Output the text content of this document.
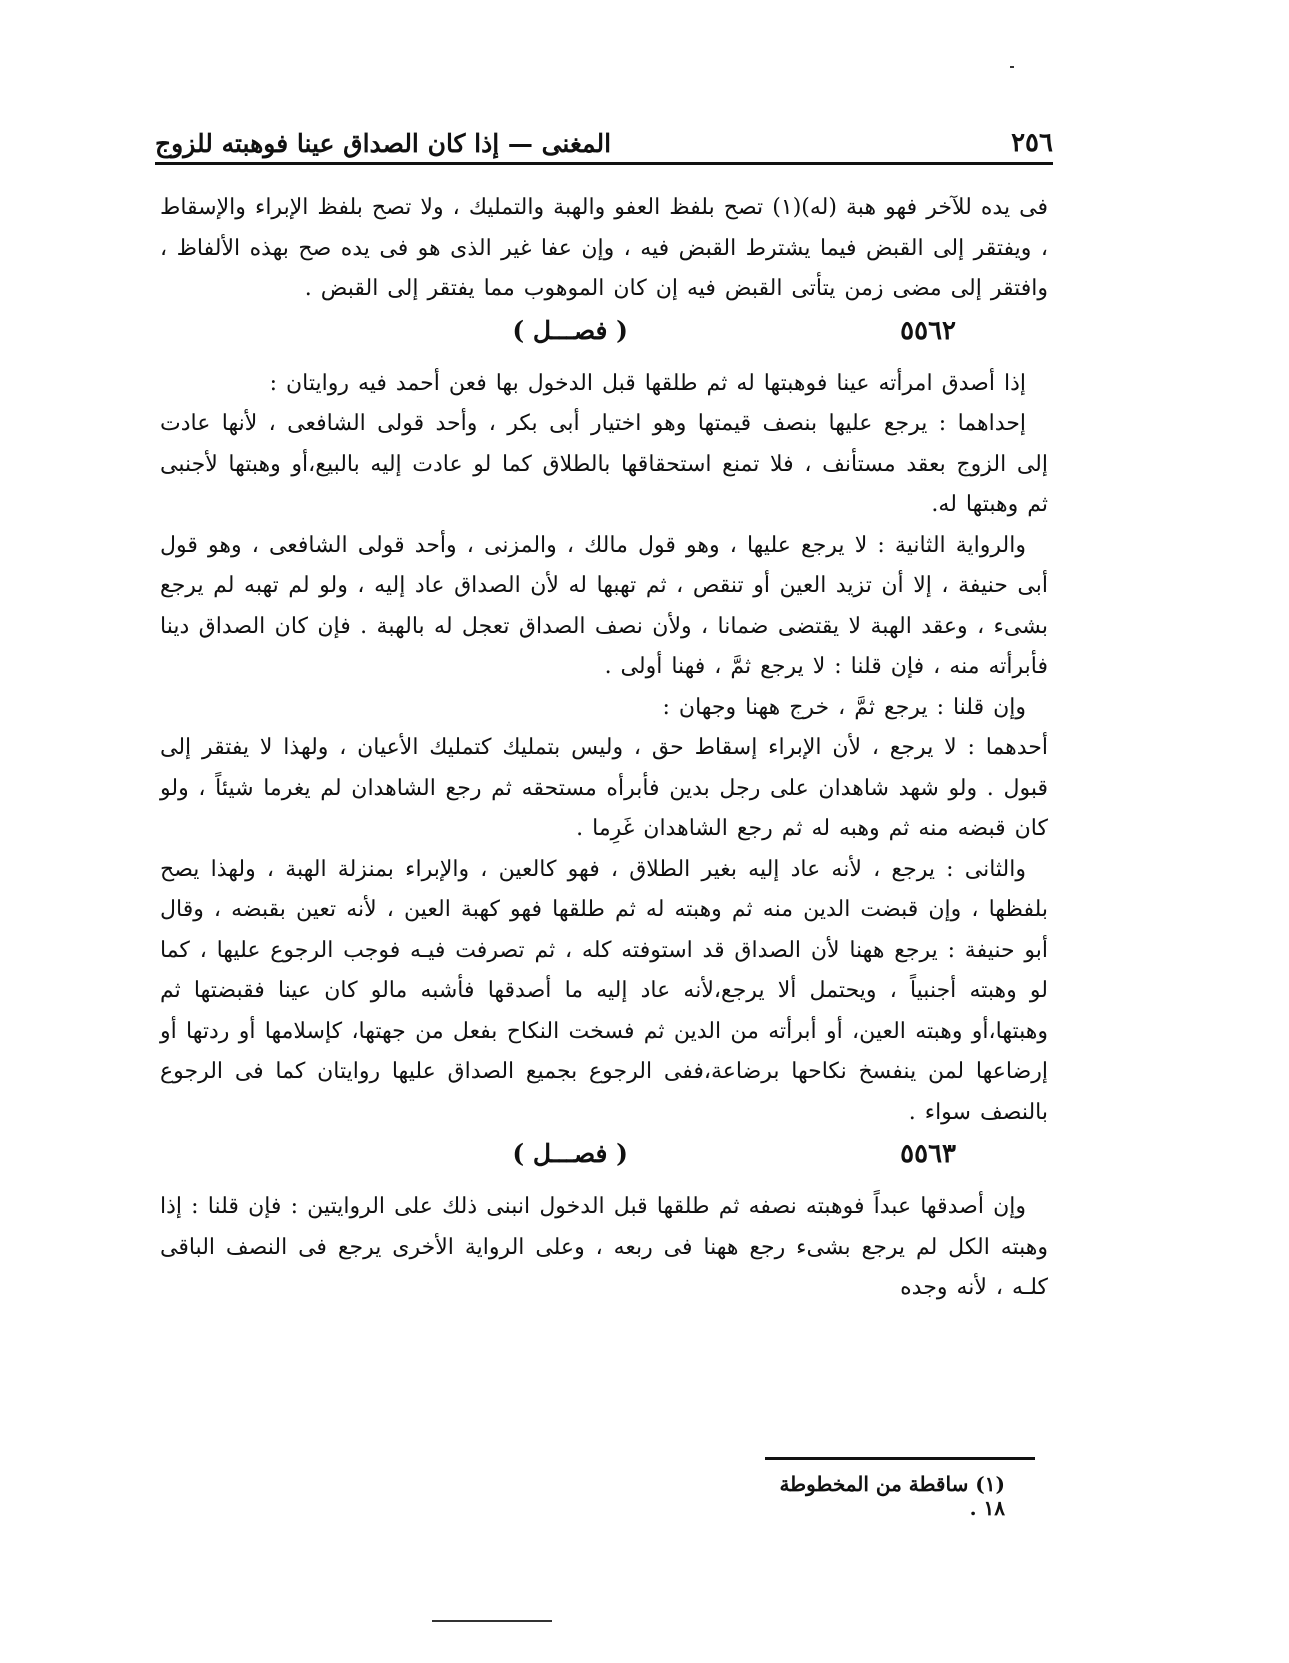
٢٥٦
المغنى — إذا كان الصداق عينا فوهبته للزوج

فى يده للآخر فهو هبة (له)(١) تصح بلفظ العفو والهبة والتمليك ، ولا تصح بلفظ الإبراء والإسقاط ، ويفتقر إلى القبض فيما يشترط القبض فيه ، وإن عفا غير الذى هو فى يده صح بهذه الألفاظ ، وافتقر إلى مضى زمن يتأتى القبض فيه إن كان الموهوب مما يفتقر إلى القبض .

٥٥٦٢
( فصـــل )

إذا أصدق امرأته عينا فوهبتها له ثم طلقها قبل الدخول بها فعن أحمد فيه روايتان :

إحداهما : يرجع عليها بنصف قيمتها وهو اختيار أبى بكر ، وأحد قولى الشافعى ، لأنها عادت إلى الزوج بعقد مستأنف ، فلا تمنع استحقاقها بالطلاق كما لو عادت إليه بالبيع،أو وهبتها لأجنبى ثم وهبتها له.

والرواية الثانية : لا يرجع عليها ، وهو قول مالك ، والمزنى ، وأحد قولى الشافعى ، وهو قول أبى حنيفة ، إلا أن تزيد العين أو تنقص ، ثم تهبها له لأن الصداق عاد إليه ، ولو لم تهبه لم يرجع بشىء ، وعقد الهبة لا يقتضى ضمانا ، ولأن نصف الصداق تعجل له بالهبة . فإن كان الصداق دينا فأبرأته منه ، فإن قلنا : لا يرجع ثمَّ ، فهنا أولى .

وإن قلنا : يرجع ثمَّ ، خرج ههنا وجهان :

أحدهما : لا يرجع ، لأن الإبراء إسقاط حق ، وليس بتمليك كتمليك الأعيان ، ولهذا لا يفتقر إلى قبول . ولو شهد شاهدان على رجل بدين فأبرأه مستحقه ثم رجع الشاهدان لم يغرما شيئاً ، ولو كان قبضه منه ثم وهبه له ثم رجع الشاهدان غَرِما .

والثانى : يرجع ، لأنه عاد إليه بغير الطلاق ، فهو كالعين ، والإبراء بمنزلة الهبة ، ولهذا يصح بلفظها ، وإن قبضت الدين منه ثم وهبته له ثم طلقها فهو كهبة العين ، لأنه تعين بقبضه ، وقال أبو حنيفة : يرجع ههنا لأن الصداق قد استوفته كله ، ثم تصرفت فيـه فوجب الرجوع عليها ، كما لو وهبته أجنبياً ، ويحتمل ألا يرجع،لأنه عاد إليه ما أصدقها فأشبه مالو كان عينا فقبضتها ثم وهبتها،أو وهبته العين، أو أبرأته من الدين ثم فسخت النكاح بفعل من جهتها، كإسلامها أو ردتها أو إرضاعها لمن ينفسخ نكاحها برضاعة،ففى الرجوع بجميع الصداق عليها روايتان كما فى الرجوع بالنصف سواء .

٥٥٦٣
( فصـــل )

وإن أصدقها عبداً فوهبته نصفه ثم طلقها قبل الدخول انبنى ذلك على الروايتين : فإن قلنا : إذا وهبته الكل لم يرجع بشىء رجع ههنا فى ربعه ، وعلى الرواية الأخرى يرجع فى النصف الباقى كلـه ، لأنه وجده

(١) ساقطة من المخطوطة ١٨ .
